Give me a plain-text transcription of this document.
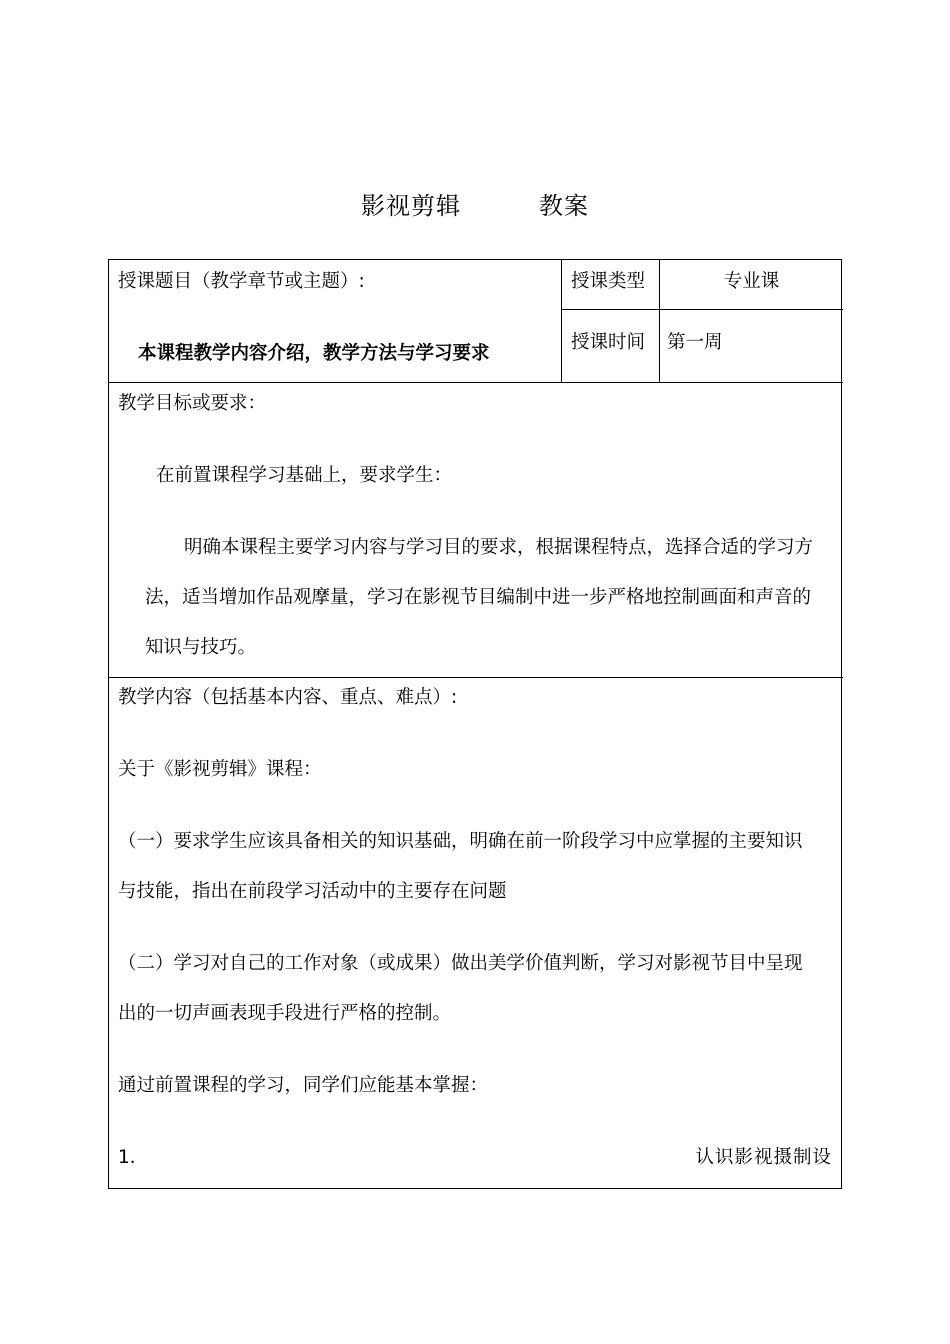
影视剪辑	教案
授课题目（教学章节或主题）:
本课程教学内容介绍，教学方法与学习要求
授课类型	专业课
授课时间 第一周
教学目标或要求：
在前置课程学习基础上，要求学生：
明确本课程主要学习内容与学习目的要求，根据课程特点，选择合适的学习方
法，适当增加作品观摩量，学习在影视节目编制中进一步严格地控制画面和声音的
知识与技巧。
教学内容（包括基本内容、重点、难点）:
关于《影视剪辑》课程：
（一）要求学生应该具备相关的知识基础，明确在前一阶段学习中应掌握的主要知识
与技能，指出在前段学习活动中的主要存在问题
（二）学习对自己的工作对象（或成果）做出美学价值判断，学习对影视节目中呈现
出的一切声画表现手段进行严格的控制。
通过前置课程的学习，同学们应能基本掌握：
1．	认识影视摄制设
